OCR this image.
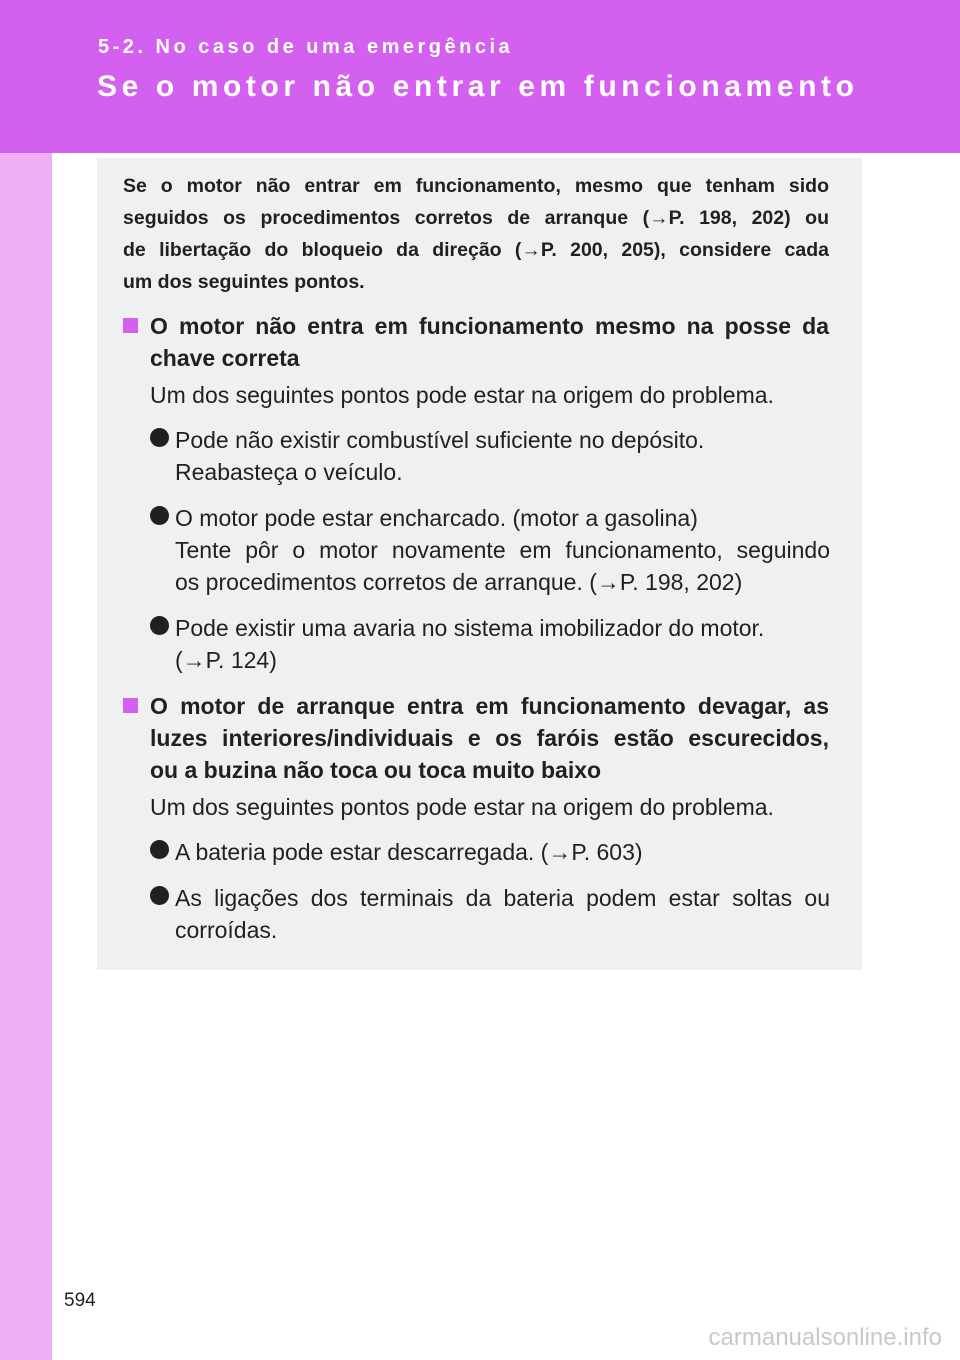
5-2. No caso de uma emergência
Se o motor não entrar em funcionamento
Se o motor não entrar em funcionamento, mesmo que tenham sido
seguidos os procedimentos corretos de arranque (→P. 198, 202) ou
de libertação do bloqueio da direção (→P. 200, 205), considere cada
um dos seguintes pontos.
O motor não entra em funcionamento mesmo na posse da
chave correta
Um dos seguintes pontos pode estar na origem do problema.
Pode não existir combustível suficiente no depósito.
Reabasteça o veículo.
O motor pode estar encharcado. (motor a gasolina)
Tente pôr o motor novamente em funcionamento, seguindo
os procedimentos corretos de arranque. (→P. 198, 202)
Pode existir uma avaria no sistema imobilizador do motor.
(→P. 124)
O motor de arranque entra em funcionamento devagar, as
luzes interiores/individuais e os faróis estão escurecidos,
ou a buzina não toca ou toca muito baixo
Um dos seguintes pontos pode estar na origem do problema.
A bateria pode estar descarregada. (→P. 603)
As ligações dos terminais da bateria podem estar soltas ou
corroídas.
594
carmanualsonline.info
